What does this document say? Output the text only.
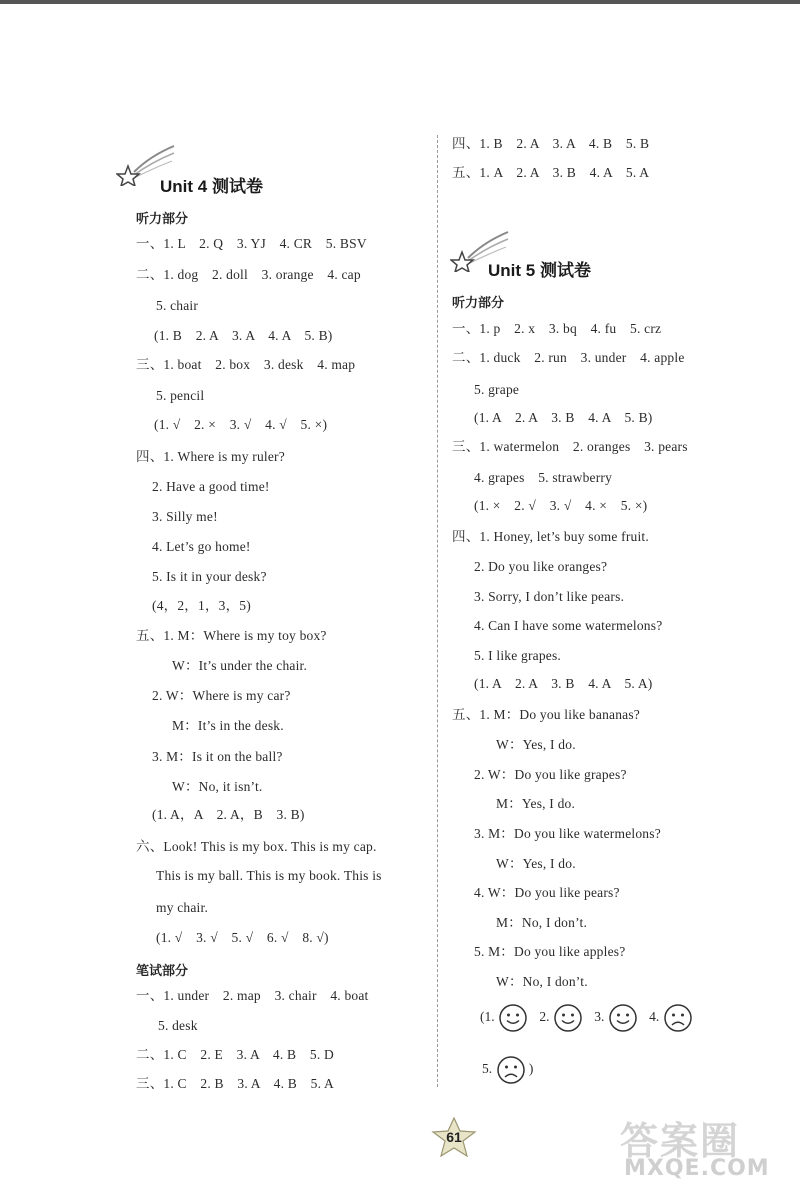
Unit 4 测试卷
听力部分
一、1. L　2. Q　3. YJ　4. CR　5. BSV
二、1. dog　2. doll　3. orange　4. cap
5. chair
(1. B　2. A　3. A　4. A　5. B)
三、1. boat　2. box　3. desk　4. map
5. pencil
(1. √　2. ×　3. √　4. √　5. ×)
四、1. Where is my ruler?
2. Have a good time!
3. Silly me!
4. Let’s go home!
5. Is it in your desk?
(4，2，1，3，5)
五、1. M：Where is my toy box?
W：It’s under the chair.
2. W：Where is my car?
M：It’s in the desk.
3. M：Is it on the ball?
W：No, it isn’t.
(1. A，A　2. A，B　3. B)
六、Look! This is my box. This is my cap.
This is my ball. This is my book. This is
my chair.
(1. √　3. √　5. √　6. √　8. √)
笔试部分
一、1. under　2. map　3. chair　4. boat
5. desk
二、1. C　2. E　3. A　4. B　5. D
三、1. C　2. B　3. A　4. B　5. A
四、1. B　2. A　3. A　4. B　5. B
五、1. A　2. A　3. B　4. A　5. A
Unit 5 测试卷
听力部分
一、1. p　2. x　3. bq　4. fu　5. crz
二、1. duck　2. run　3. under　4. apple
5. grape
(1. A　2. A　3. B　4. A　5. B)
三、1. watermelon　2. oranges　3. pears
4. grapes　5. strawberry
(1. ×　2. √　3. √　4. ×　5. ×)
四、1. Honey, let’s buy some fruit.
2. Do you like oranges?
3. Sorry, I don’t like pears.
4. Can I have some watermelons?
5. I like grapes.
(1. A　2. A　3. B　4. A　5. A)
五、1. M：Do you like bananas?
W：Yes, I do.
2. W：Do you like grapes?
M：Yes, I do.
3. M：Do you like watermelons?
W：Yes, I do.
4. W：Do you like pears?
M：No, I don’t.
5. M：Do you like apples?
W：No, I don’t.
(1.	2.	3.	4.
5.	)
61	答案圈
MXQE.COM
